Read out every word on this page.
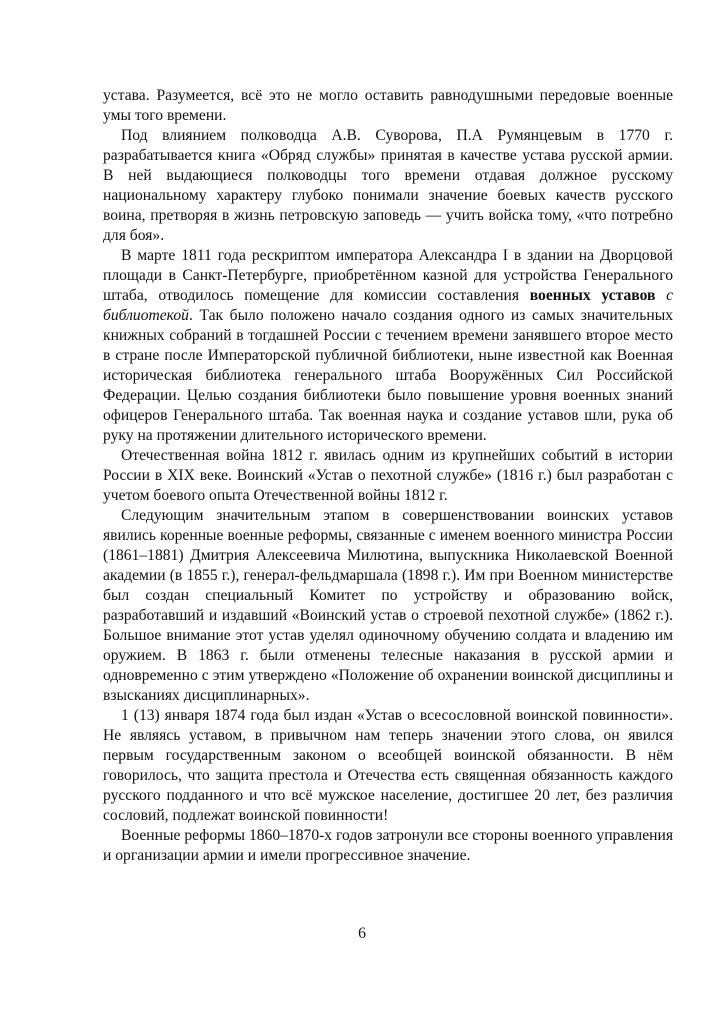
устава. Разумеется, всё это не могло оставить равнодушными передовые военные умы того времени.

Под влиянием полководца А.В. Суворова, П.А Румянцевым в 1770 г. разрабатывается книга «Обряд службы» принятая в качестве устава русской армии. В ней выдающиеся полководцы того времени отдавая должное русскому национальному характеру глубоко понимали значение боевых качеств русского воина, претворяя в жизнь петровскую заповедь — учить войска тому, «что потребно для боя».

В марте 1811 года рескриптом императора Александра I в здании на Дворцовой площади в Санкт-Петербурге, приобретённом казной для устройства Генерального штаба, отводилось помещение для комиссии составления военных уставов с библиотекой. Так было положено начало создания одного из самых значительных книжных собраний в тогдашней России с течением времени занявшего второе место в стране после Императорской публичной библиотеки, ныне известной как Военная историческая библиотека генерального штаба Вооружённых Сил Российской Федерации. Целью создания библиотеки было повышение уровня военных знаний офицеров Генерального штаба. Так военная наука и создание уставов шли, рука об руку на протяжении длительного исторического времени.

Отечественная война 1812 г. явилась одним из крупнейших событий в истории России в XIX веке. Воинский «Устав о пехотной службе» (1816 г.) был разработан с учетом боевого опыта Отечественной войны 1812 г.

Следующим значительным этапом в совершенствовании воинских уставов явились коренные военные реформы, связанные с именем военного министра России (1861–1881) Дмитрия Алексеевича Милютина, выпускника Николаевской Военной академии (в 1855 г.), генерал-фельдмаршала (1898 г.). Им при Военном министерстве был создан специальный Комитет по устройству и образованию войск, разработавший и издавший «Воинский устав о строевой пехотной службе» (1862 г.). Большое внимание этот устав уделял одиночному обучению солдата и владению им оружием. В 1863 г. были отменены телесные наказания в русской армии и одновременно с этим утверждено «Положение об охранении воинской дисциплины и взысканиях дисциплинарных».

1 (13) января 1874 года был издан «Устав о всесословной воинской повинности». Не являясь уставом, в привычном нам теперь значении этого слова, он явился первым государственным законом о всеобщей воинской обязанности. В нём говорилось, что защита престола и Отечества есть священная обязанность каждого русского подданного и что всё мужское население, достигшее 20 лет, без различия сословий, подлежат воинской повинности!

Военные реформы 1860–1870-х годов затронули все стороны военного управления и организации армии и имели прогрессивное значение.

6
